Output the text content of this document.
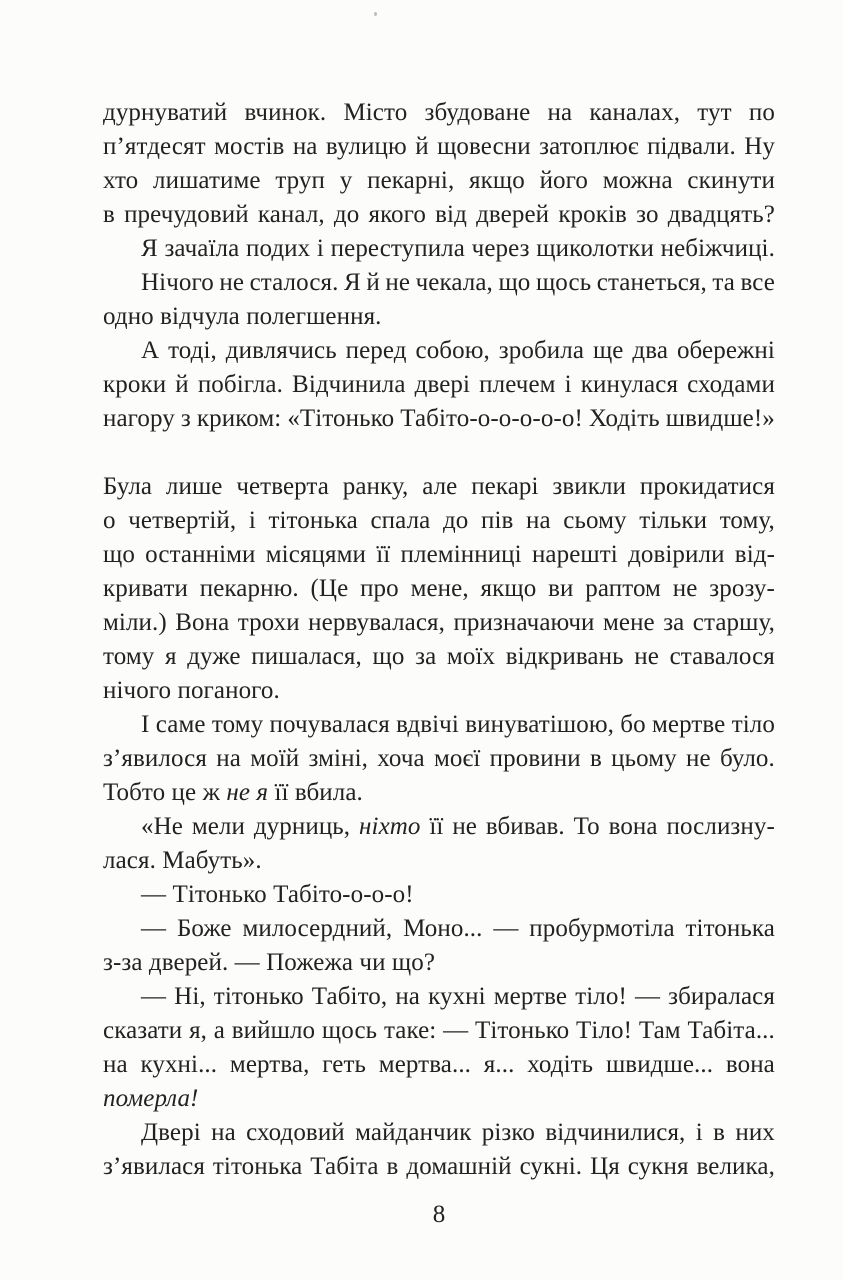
дурнуватий вчинок. Місто збудоване на каналах, тут по
п’ятдесят мостів на вулицю й щовесни затоплює підвали. Ну
хто лишатиме труп у пекарні, якщо його можна скинути
в пречудовий канал, до якого від дверей кроків зо двадцять?
Я зачаїла подих і переступила через щиколотки небіжчиці.
Нічого не сталося. Я й не чекала, що щось станеться, та все
одно відчула полегшення.
А тоді, дивлячись перед собою, зробила ще два обережні
кроки й побігла. Відчинила двері плечем і кинулася сходами
нагору з криком: «Тітонько Табіто-о-о-о-о-о! Ходіть швидше!»
Була лише четверта ранку, але пекарі звикли прокидатися
о четвертій, і тітонька спала до пів на сьому тільки тому,
що останніми місяцями її племінниці нарешті довірили від-
кривати пекарню. (Це про мене, якщо ви раптом не зрозу-
міли.) Вона трохи нервувалася, призначаючи мене за старшу,
тому я дуже пишалася, що за моїх відкривань не ставалося
нічого поганого.
І саме тому почувалася вдвічі винуватішою, бо мертве тіло
з’явилося на моїй зміні, хоча моєї провини в цьому не було.
Тобто це ж не я її вбила.
«Не мели дурниць, ніхто її не вбивав. То вона послизну-
лася. Мабуть».
— Тітонько Табіто-о-о-о!
— Боже милосердний, Моно... — пробурмотіла тітонька
з-за дверей. — Пожежа чи що?
— Ні, тітонько Табіто, на кухні мертве тіло! — збиралася
сказати я, а вийшло щось таке: — Тітонько Тіло! Там Табіта...
на кухні... мертва, геть мертва... я... ходіть швидше... вона
померла!
Двері на сходовий майданчик різко відчинилися, і в них
з’явилася тітонька Табіта в домашній сукні. Ця сукня велика,
8
